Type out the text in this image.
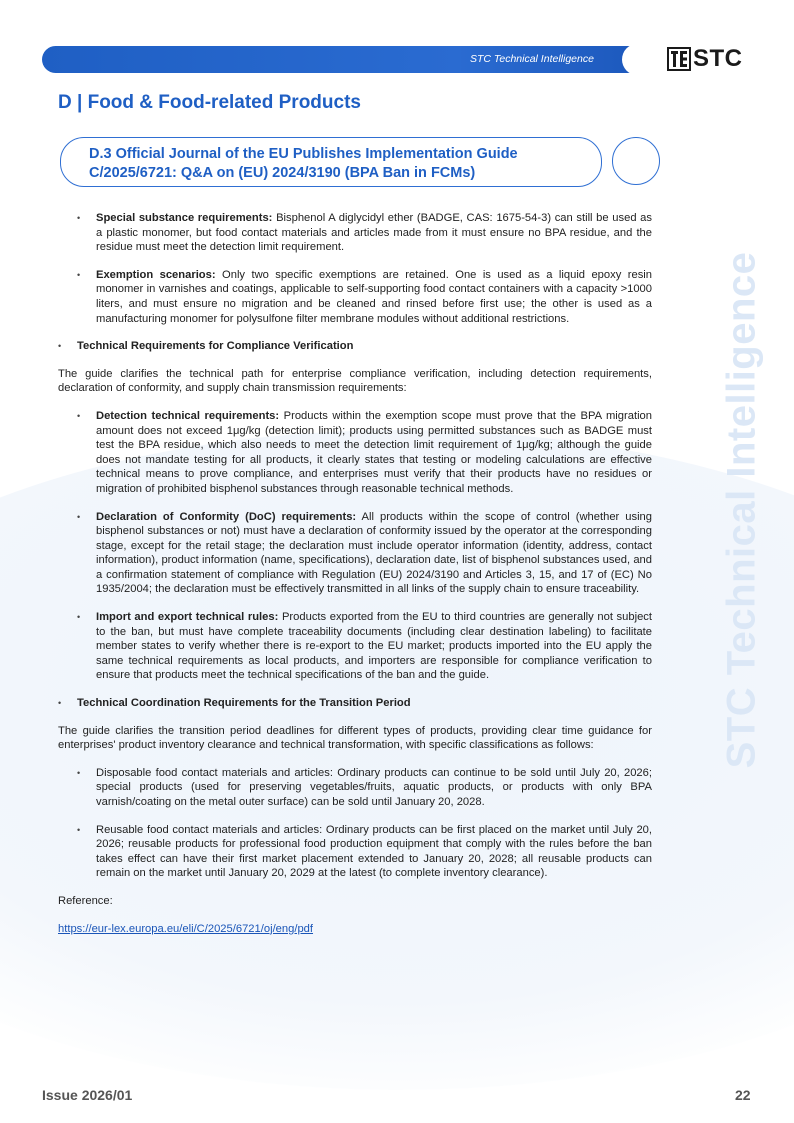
STC Technical Intelligence	STC
D | Food & Food-related Products
D.3 Official Journal of the EU Publishes Implementation Guide
C/2025/6721: Q&A on (EU) 2024/3190 (BPA Ban in FCMs)
STC Technical Intelligence

• Special substance requirements: Bisphenol A diglycidyl ether (BADGE, CAS: 1675-54-3) can still be used as a plastic monomer, but food contact materials and articles made from it must ensure no BPA residue, and the residue must meet the detection limit requirement.

• Exemption scenarios: Only two specific exemptions are retained. One is used as a liquid epoxy resin monomer in varnishes and coatings, applicable to self-supporting food contact containers with a capacity >1000 liters, and must ensure no migration and be cleaned and rinsed before first use; the other is used as a manufacturing monomer for polysulfone filter membrane modules without additional restrictions.

• Technical Requirements for Compliance Verification

The guide clarifies the technical path for enterprise compliance verification, including detection requirements, declaration of conformity, and supply chain transmission requirements:

• Detection technical requirements: Products within the exemption scope must prove that the BPA migration amount does not exceed 1μg/kg (detection limit); products using permitted substances such as BADGE must test the BPA residue, which also needs to meet the detection limit requirement of 1μg/kg; although the guide does not mandate testing for all products, it clearly states that testing or modeling calculations are effective technical means to prove compliance, and enterprises must verify that their products have no residues or migration of prohibited bisphenol substances through reasonable technical methods.

• Declaration of Conformity (DoC) requirements: All products within the scope of control (whether using bisphenol substances or not) must have a declaration of conformity issued by the operator at the corresponding stage, except for the retail stage; the declaration must include operator information (identity, address, contact information), product information (name, specifications), declaration date, list of bisphenol substances used, and a confirmation statement of compliance with Regulation (EU) 2024/3190 and Articles 3, 15, and 17 of (EC) No 1935/2004; the declaration must be effectively transmitted in all links of the supply chain to ensure traceability.

• Import and export technical rules: Products exported from the EU to third countries are generally not subject to the ban, but must have complete traceability documents (including clear destination labeling) to facilitate member states to verify whether there is re-export to the EU market; products imported into the EU apply the same technical requirements as local products, and importers are responsible for compliance verification to ensure that products meet the technical specifications of the ban and the guide.

• Technical Coordination Requirements for the Transition Period

The guide clarifies the transition period deadlines for different types of products, providing clear time guidance for enterprises' product inventory clearance and technical transformation, with specific classifications as follows:

• Disposable food contact materials and articles: Ordinary products can continue to be sold until July 20, 2026; special products (used for preserving vegetables/fruits, aquatic products, or products with only BPA varnish/coating on the metal outer surface) can be sold until January 20, 2028.

• Reusable food contact materials and articles: Ordinary products can be first placed on the market until July 20, 2026; reusable products for professional food production equipment that comply with the rules before the ban takes effect can have their first market placement extended to January 20, 2028; all reusable products can remain on the market until January 20, 2029 at the latest (to complete inventory clearance).

Reference:

https://eur-lex.europa.eu/eli/C/2025/6721/oj/eng/pdf

Issue 2026/01	22
